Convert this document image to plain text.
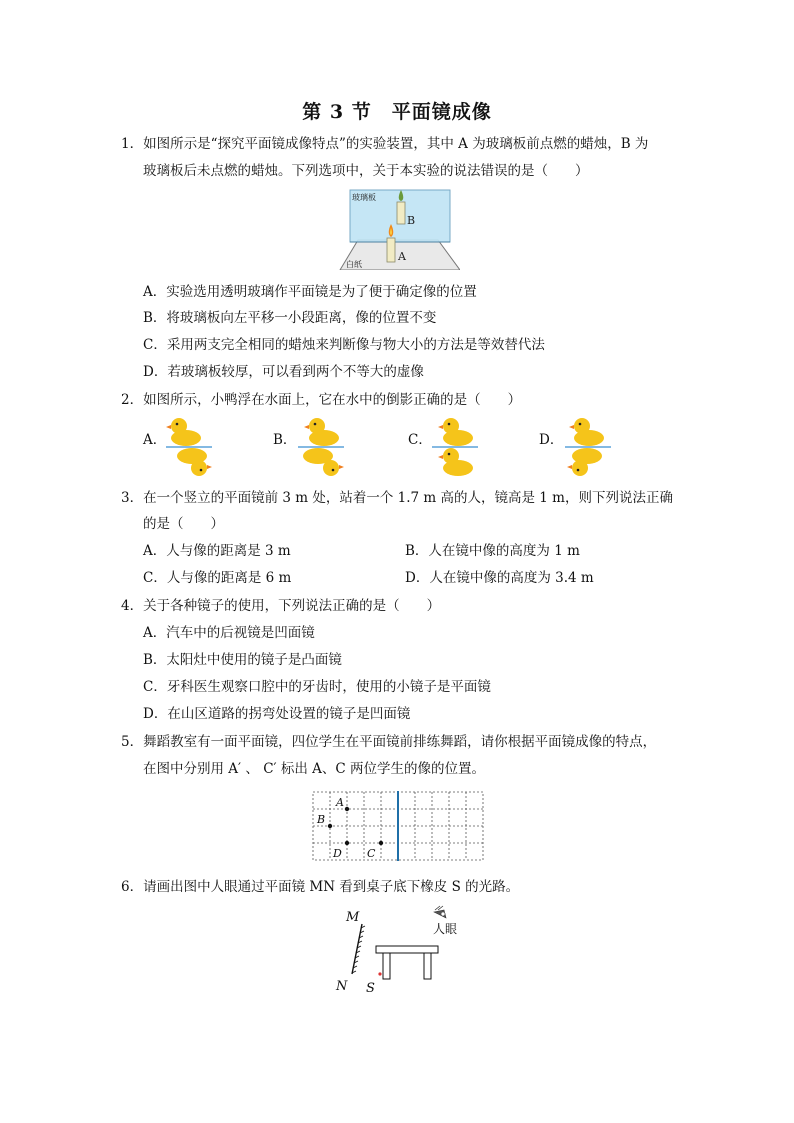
第 3 节　平面镜成像
1．如图所示是“探究平面镜成像特点”的实验装置，其中 A 为玻璃板前点燃的蜡烛，B 为
玻璃板后未点燃的蜡烛。下列选项中，关于本实验的说法错误的是（　　）
玻璃板
B
A
白纸
A．实验选用透明玻璃作平面镜是为了便于确定像的位置
B．将玻璃板向左平移一小段距离，像的位置不变
C．采用两支完全相同的蜡烛来判断像与物大小的方法是等效替代法
D．若玻璃板较厚，可以看到两个不等大的虚像
2．如图所示，小鸭浮在水面上，它在水中的倒影正确的是（　　）
A．	B．	C．	D．
3．在一个竖立的平面镜前 3 m 处，站着一个 1.7 m 高的人，镜高是 1 m，则下列说法正确
的是（　　）
A．人与像的距离是 3 m	B．人在镜中像的高度为 1 m
C．人与像的距离是 6 m	D．人在镜中像的高度为 3.4 m
4．关于各种镜子的使用，下列说法正确的是（　　）
A．汽车中的后视镜是凹面镜
B．太阳灶中使用的镜子是凸面镜
C．牙科医生观察口腔中的牙齿时，使用的小镜子是平面镜
D．在山区道路的拐弯处设置的镜子是凹面镜
5．舞蹈教室有一面平面镜，四位学生在平面镜前排练舞蹈，请你根据平面镜成像的特点，
在图中分别用 A′ 、 C′ 标出 A、C 两位学生的像的位置。
A
B
C
D
6．请画出图中人眼通过平面镜 MN 看到桌子底下橡皮 S 的光路。
M
N S
人眼
